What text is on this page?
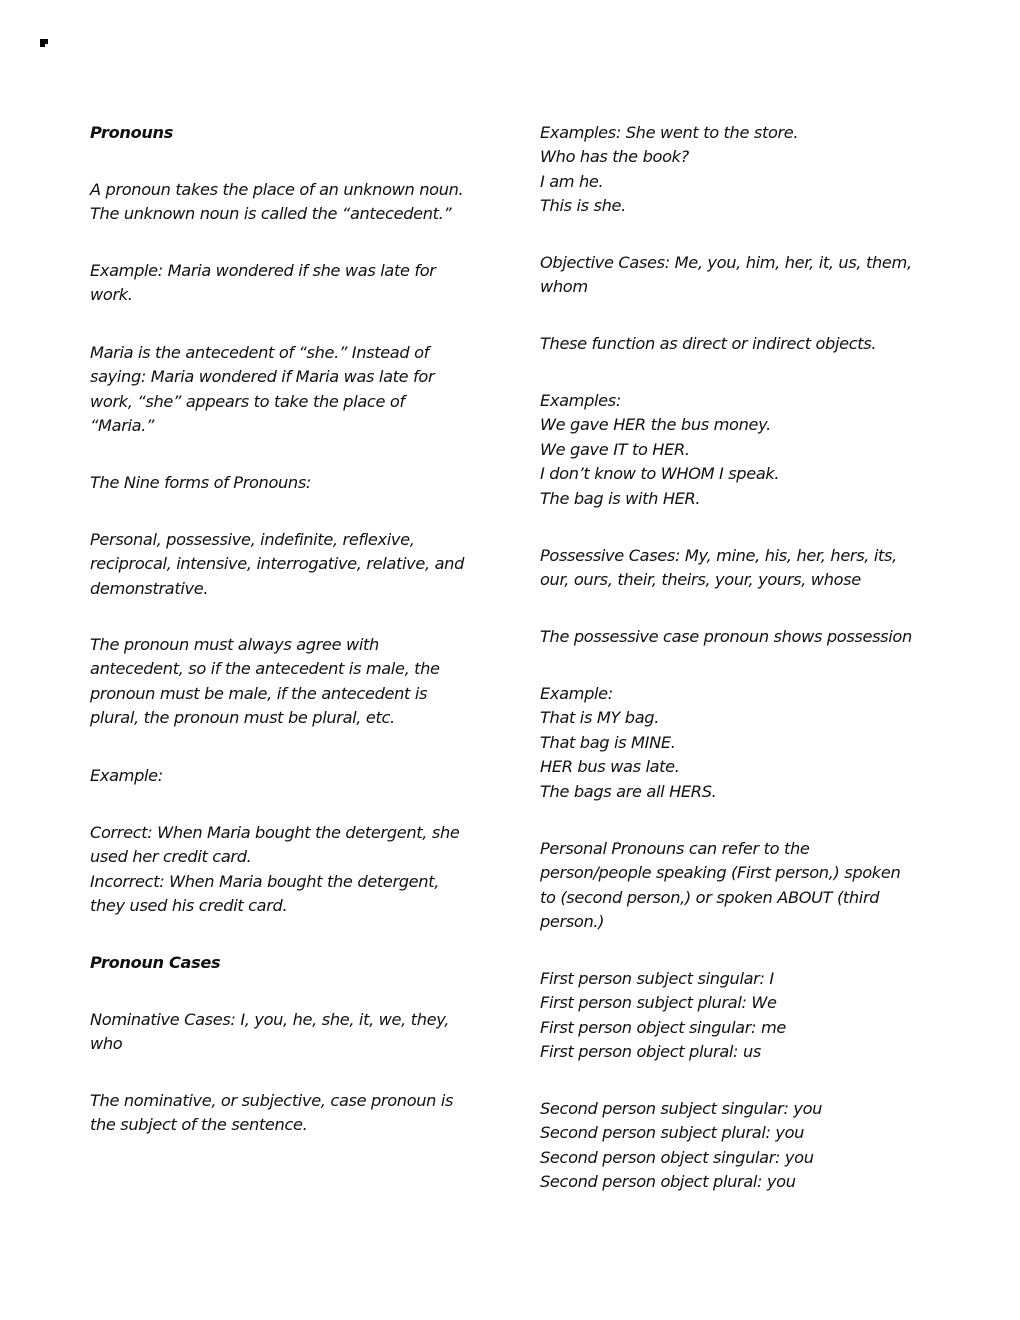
Pronouns
A pronoun takes the place of an unknown noun.
The unknown noun is called the “antecedent.”
Example: Maria wondered if she was late for
work.
Maria is the antecedent of “she.” Instead of
saying: Maria wondered if Maria was late for
work, “she” appears to take the place of
“Maria.”
The Nine forms of Pronouns:
Personal, possessive, indefinite, reflexive,
reciprocal, intensive, interrogative, relative, and
demonstrative.
The pronoun must always agree with
antecedent, so if the antecedent is male, the
pronoun must be male, if the antecedent is
plural, the pronoun must be plural, etc.
Example:
Correct: When Maria bought the detergent, she
used her credit card.
Incorrect: When Maria bought the detergent,
they used his credit card.
Pronoun Cases
Nominative Cases: I, you, he, she, it, we, they,
who
The nominative, or subjective, case pronoun is
the subject of the sentence.
Examples: She went to the store.
Who has the book?
I am he.
This is she.
Objective Cases: Me, you, him, her, it, us, them,
whom
These function as direct or indirect objects.
Examples:
We gave HER the bus money.
We gave IT to HER.
I don’t know to WHOM I speak.
The bag is with HER.
Possessive Cases: My, mine, his, her, hers, its,
our, ours, their, theirs, your, yours, whose
The possessive case pronoun shows possession
Example:
That is MY bag.
That bag is MINE.
HER bus was late.
The bags are all HERS.
Personal Pronouns can refer to the
person/people speaking (First person,) spoken
to (second person,) or spoken ABOUT (third
person.)
First person subject singular: I
First person subject plural: We
First person object singular: me
First person object plural: us
Second person subject singular: you
Second person subject plural: you
Second person object singular: you
Second person object plural: you
